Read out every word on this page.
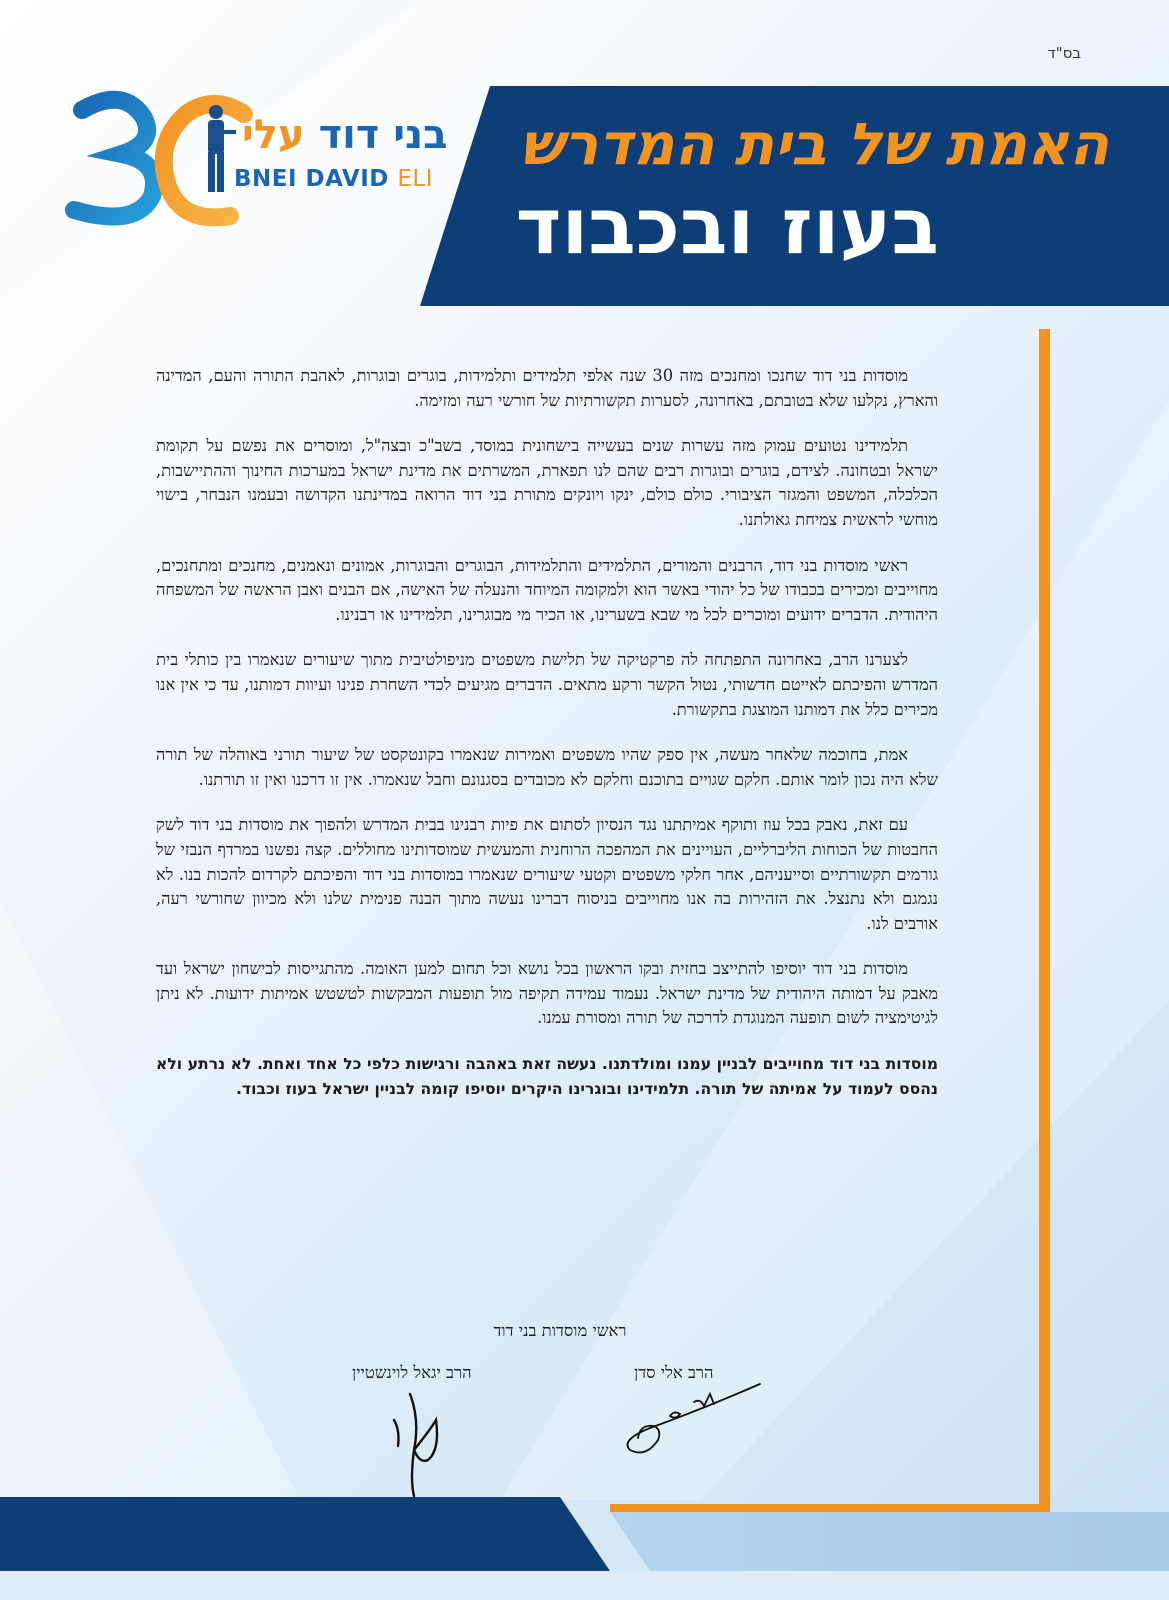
בס"ד
האמת של בית המדרש
בעוז ובכבוד
30
בני דוד עלי
BNEI DAVID ELI

מוסדות בני דוד שחנכו ומחנכים מזה 30 שנה אלפי תלמידים ותלמידות, בוגרים ובוגרות, לאהבת התורה והעם, המדינה והארץ, נקלעו שלא בטובתם, באחרונה, לסערות תקשורתיות של חורשי רעה ומזימה.

תלמידינו נטועים עמוק מזה עשרות שנים בעשייה בישחונית במוסד, בשב"כ ובצה"ל, ומוסרים את נפשם על תקומת ישראל ובטחונה. לצידם, בוגרים ובוגרות רבים שהם לנו תפארת, המשרתים את מדינת ישראל במערכות החינוך וההתיישבות, הכלכלה, המשפט והמגזר הציבורי. כולם כולם, ינקו ויונקים מתורת בני דוד הרואה במדינתנו הקדושה ובעמנו הנבחר, בישוי מוחשי לראשית צמיחת גאולתנו.

ראשי מוסדות בני דוד, הרבנים והמורים, התלמידים והתלמידות, הבוגרים והבוגרות, אמונים ונאמנים, מחנכים ומתחנכים, מחוייבים ומכירים בכבודו של כל יהודי באשר הוא ולמקומה המיוחד והנעלה של האישה, אם הבנים ואבן הראשה של המשפחה היהודית. הדברים ידועים ומוכרים לכל מי שבא בשערינו, או הכיר מי מבוגרינו, תלמידינו או רבנינו.

לצערנו הרב, באחרונה התפתחה לה פרקטיקה של תלישת משפטים מניפולטיבית מתוך שיעורים שנאמרו בין כותלי בית המדרש והפיכתם לאייטם חדשותי, נטול הקשר ורקע מתאים. הדברים מגיעים לכדי השחרת פנינו ועיוות דמותנו, עד כי אין אנו מכירים כלל את דמותנו המוצגת בתקשורת.

אמת, בחוכמה שלאחר מעשה, אין ספק שהיו משפטים ואמירות שנאמרו בקונטקסט של שיעור תורני באוהלה של תורה שלא היה נכון לומר אותם. חלקם שגויים בתוכנם וחלקם לא מכובדים בסגנונם וחבל שנאמרו. אין זו דרכנו ואין זו תורתנו.

עם זאת, נאבק בכל עוז ותוקף אמיתתנו נגד הנסיון לסתום את פיות רבנינו בבית המדרש ולהפוך את מוסדות בני דוד לשק החבטות של הכוחות הליברליים, העויינים את המהפכה הרוחנית והמעשית שמוסדותינו מחוללים. קצה נפשנו במרדף הנבזי של גורמים תקשורתיים וסייעניהם, אחר חלקי משפטים וקטעי שיעורים שנאמרו במוסדות בני דוד והפיכתם לקרדום להכות בנו. לא נגמגם ולא נתנצל. את הזהירות בה אנו מחוייבים בניסוח דברינו נעשה מתוך הבנה פנימית שלנו ולא מכיוון שחורשי רעה, אורבים לנו.

מוסדות בני דוד יוסיפו להתייצב בחזית ובקו הראשון בכל נושא וכל תחום למען האומה. מהתגייסות לבישחון ישראל ועד מאבק על דמותה היהודית של מדינת ישראל. נעמוד עמידה תקיפה מול תופעות המבקשות לטשטש אמיתות ידועות. לא ניתן לגיטימציה לשום תופעה המנוגדת לדרכה של תורה ומסורת עמנו.

מוסדות בני דוד מחוייבים לבניין עמנו ומולדתנו. נעשה זאת באהבה ורגישות כלפי כל אחד ואחת. לא נרתע ולא נהסס לעמוד על אמיתה של תורה. תלמידינו ובוגרינו היקרים יוסיפו קומה לבניין ישראל בעוז וכבוד.

ראשי מוסדות בני דוד
הרב יגאל לוינשטיין	הרב אלי סדן
